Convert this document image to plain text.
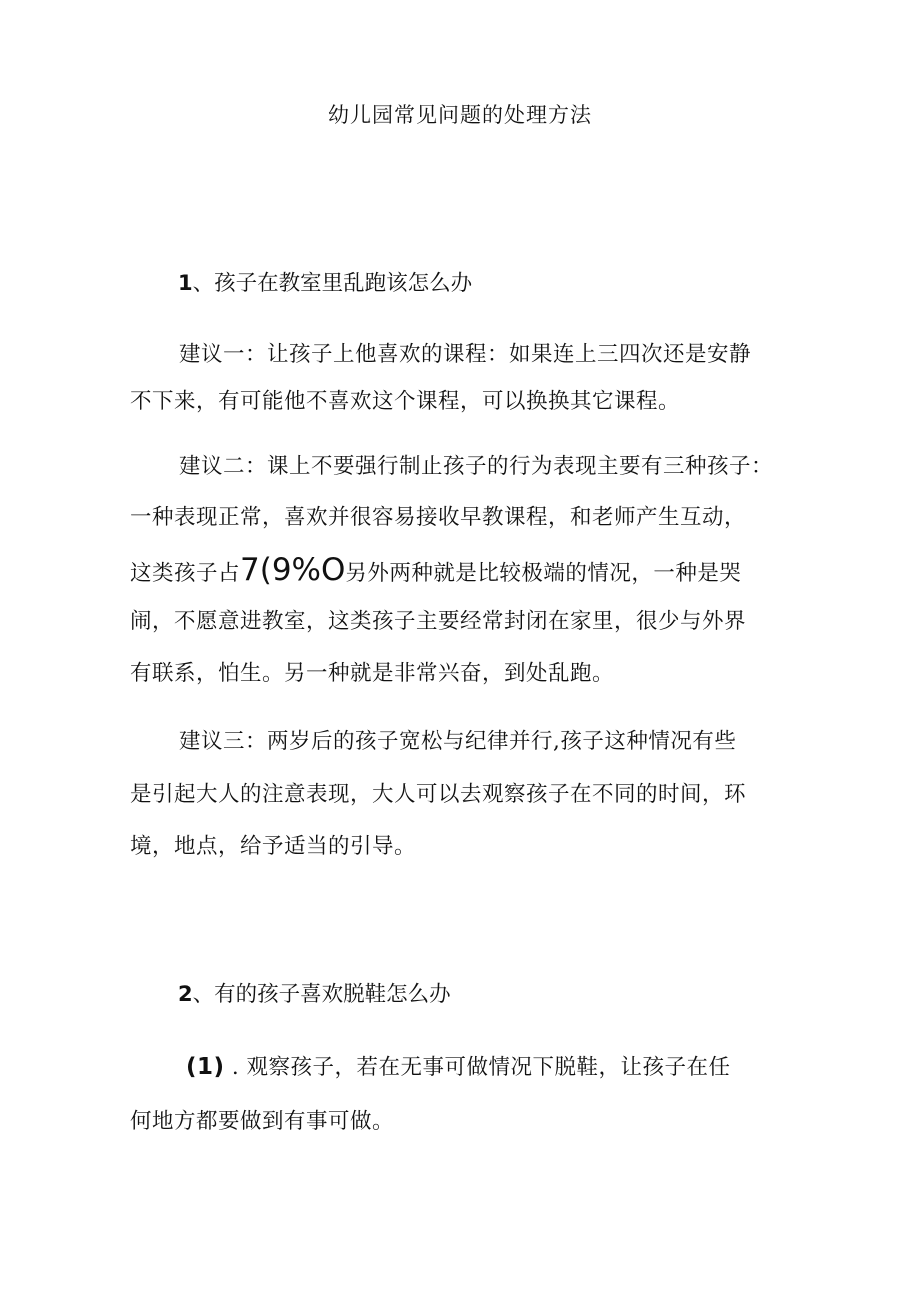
幼儿园常见问题的处理方法
1、孩子在教室里乱跑该怎么办
建议一：让孩子上他喜欢的课程：如果连上三四次还是安静
不下来，有可能他不喜欢这个课程，可以换换其它课程。
建议二：课上不要强行制止孩子的行为表现主要有三种孩子：
一种表现正常，喜欢并很容易接收早教课程，和老师产生互动，
这类孩子占7(9%O另外两种就是比较极端的情况，一种是哭
闹，不愿意进教室，这类孩子主要经常封闭在家里，很少与外界
有联系，怕生。另一种就是非常兴奋，到处乱跑。
建议三：两岁后的孩子宽松与纪律并行,孩子这种情况有些
是引起大人的注意表现，大人可以去观察孩子在不同的时间，环
境，地点，给予适当的引导。
2、有的孩子喜欢脱鞋怎么办
(1) . 观察孩子，若在无事可做情况下脱鞋，让孩子在任
何地方都要做到有事可做。
